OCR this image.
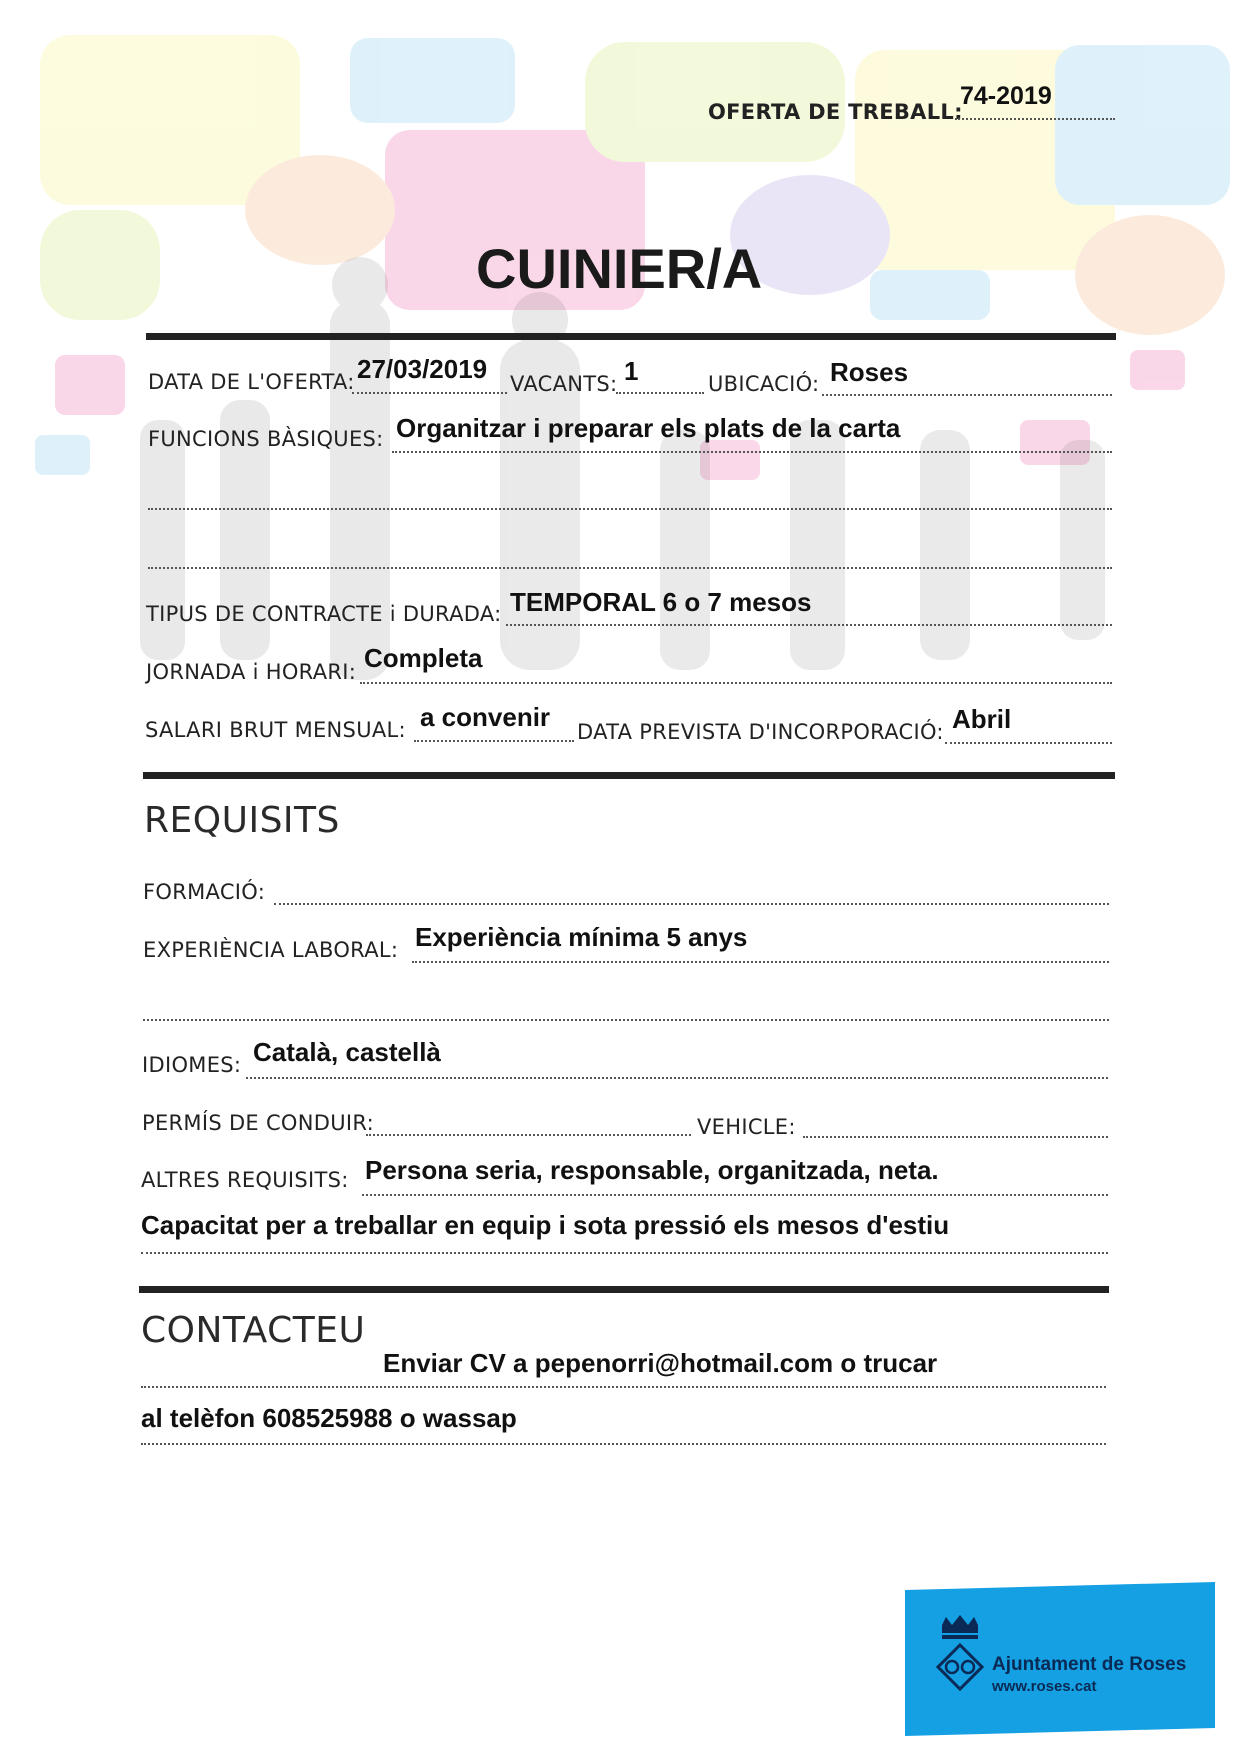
OFERTA DE TREBALL:
74-2019
CUINIER/A
DATA DE L'OFERTA: 27/03/2019 VACANTS: 1	UBICACIÓ: Roses
FUNCIONS BÀSIQUES: Organitzar i preparar els plats de la carta
TIPUS DE CONTRACTE i DURADA: TEMPORAL 6 o 7 mesos
JORNADA i HORARI: Completa
SALARI BRUT MENSUAL: a convenir DATA PREVISTA D'INCORPORACIÓ: Abril
REQUISITS
FORMACIÓ:
EXPERIÈNCIA LABORAL: Experiència mínima 5 anys
IDIOMES: Català, castellà
PERMÍS DE CONDUIR:	VEHICLE:
ALTRES REQUISITS: Persona seria, responsable, organitzada, neta.
Capacitat per a treballar en equip i sota pressió els mesos d'estiu
CONTACTEU
Enviar CV a pepenorri@hotmail.com o trucar
al telèfon 608525988 o wassap
Ajuntament de Roses
www.roses.cat
